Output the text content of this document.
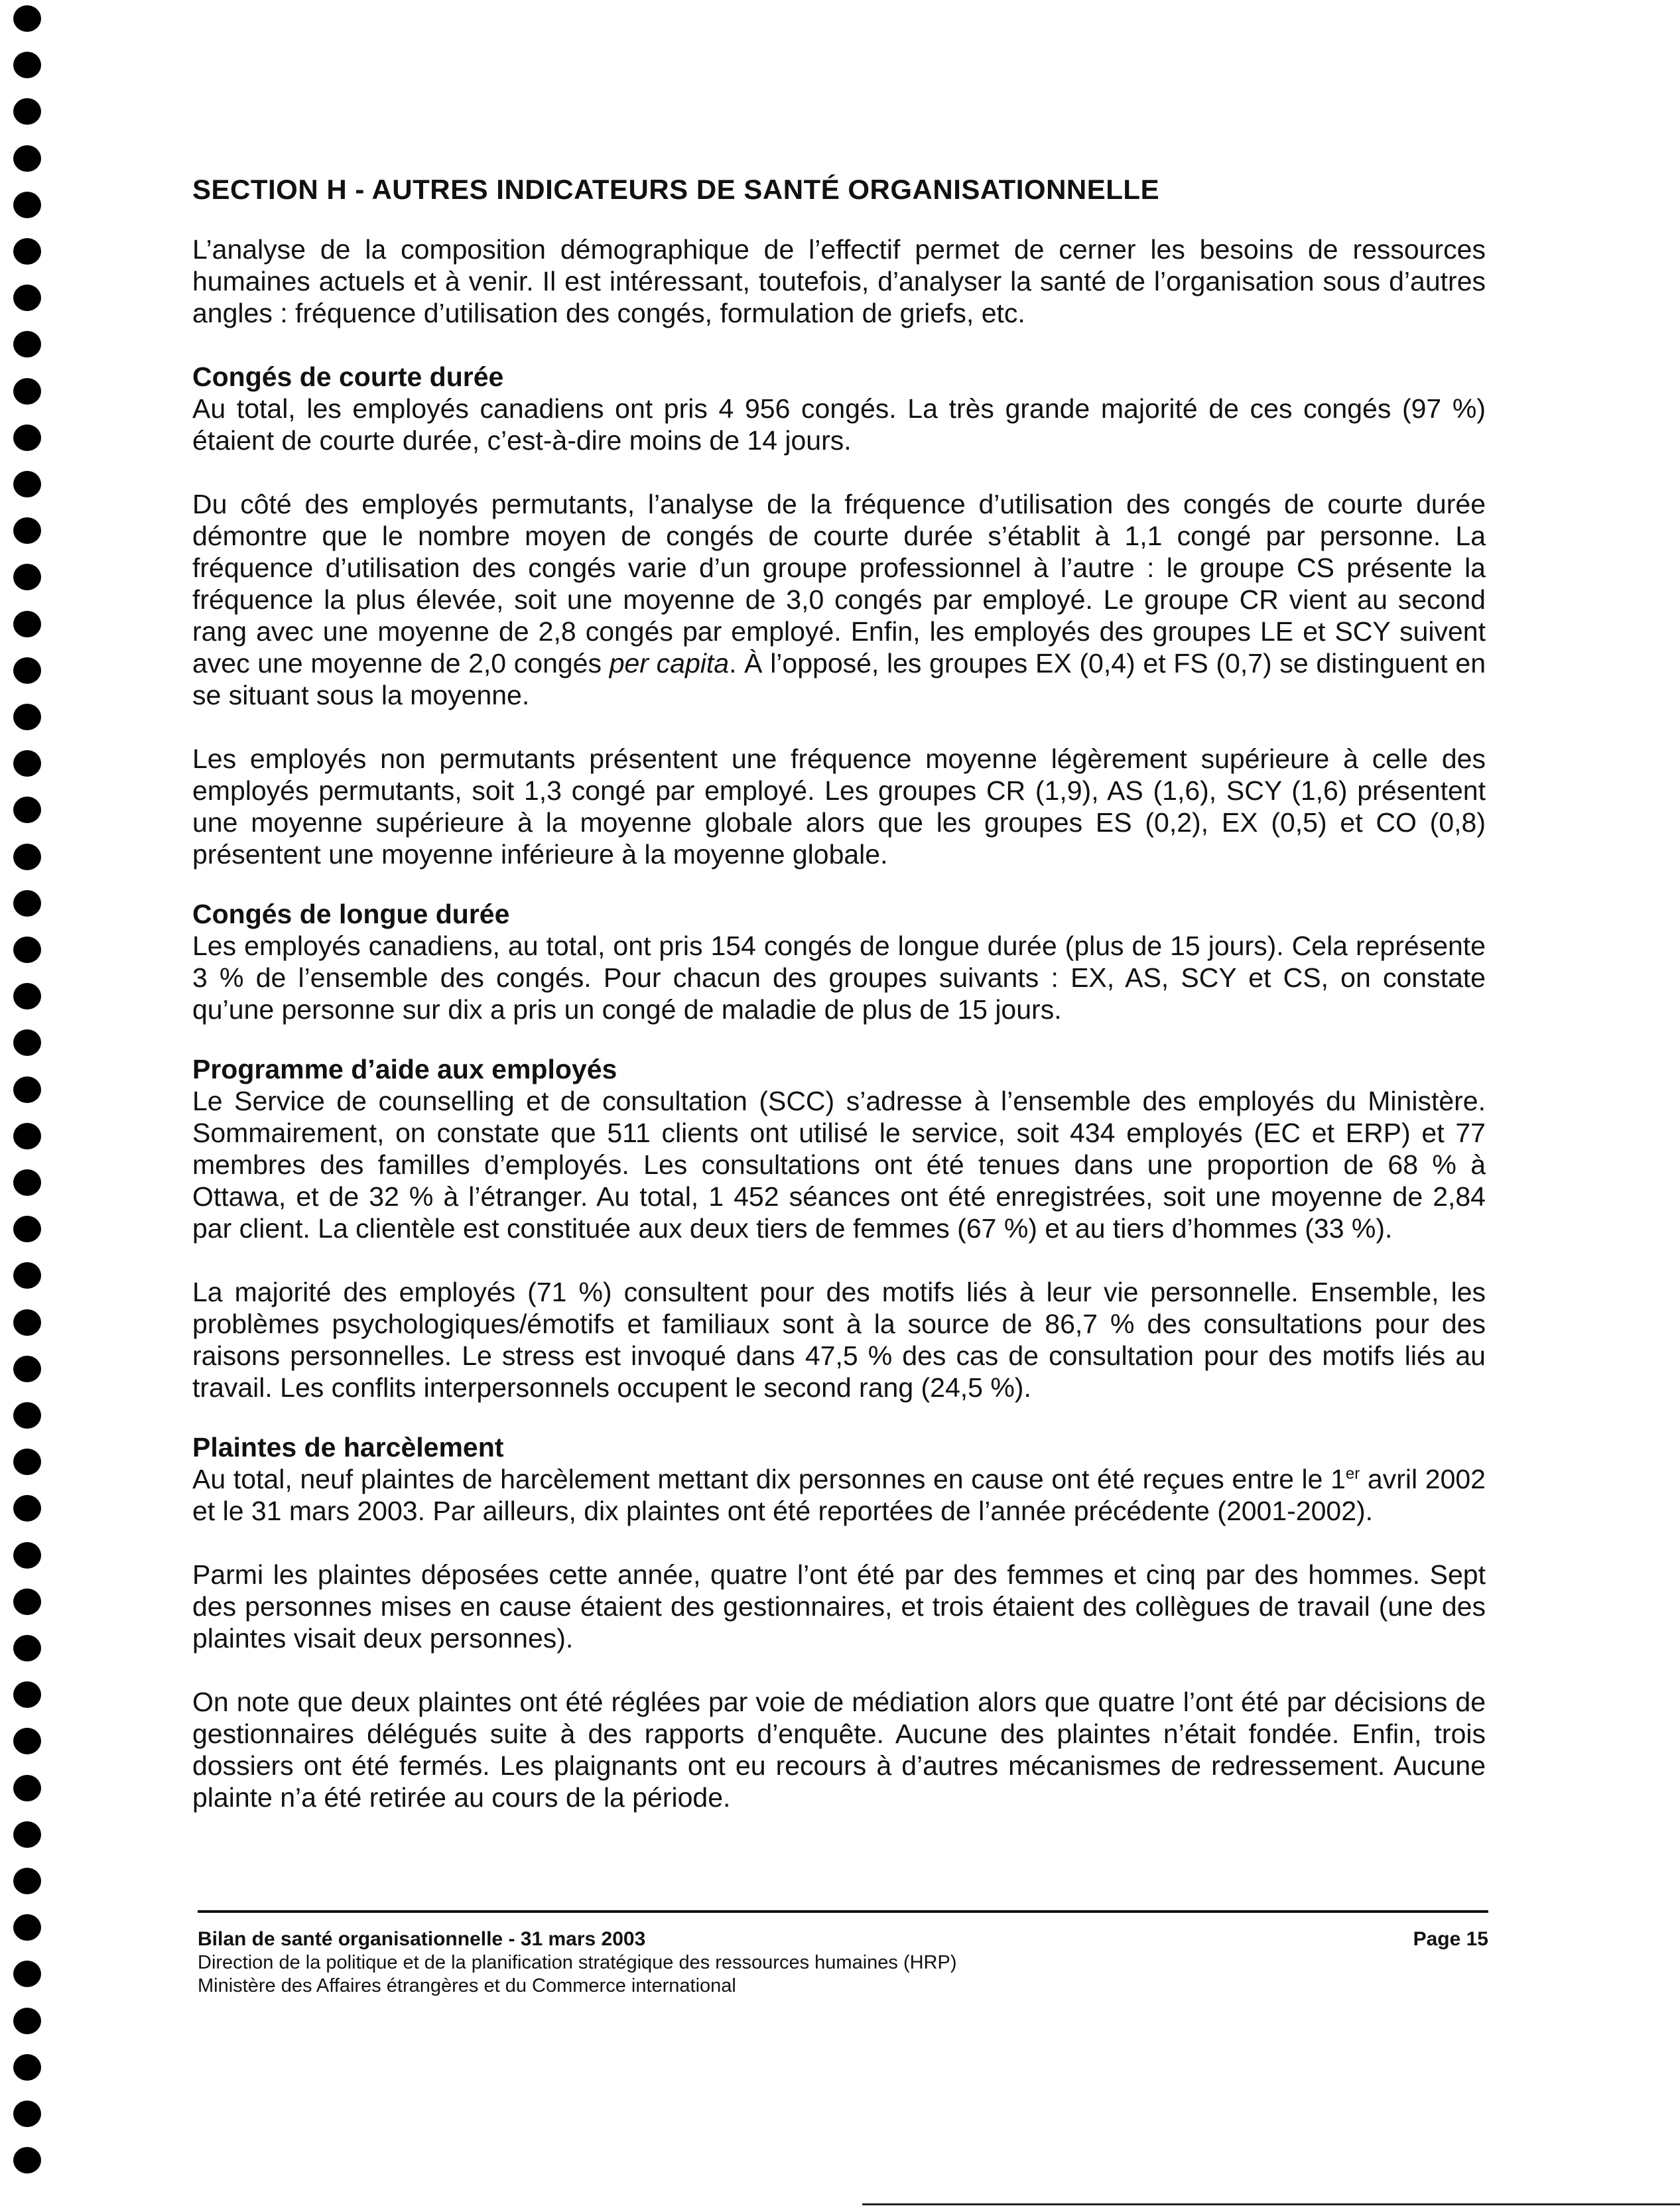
SECTION H - AUTRES INDICATEURS DE SANTÉ ORGANISATIONNELLE

L’analyse de la composition démographique de l’effectif permet de cerner les besoins de ressources humaines actuels et à venir. Il est intéressant, toutefois, d’analyser la santé de l’organisation sous d’autres angles : fréquence d’utilisation des congés, formulation de griefs, etc.

Congés de courte durée

Au total, les employés canadiens ont pris 4 956 congés. La très grande majorité de ces congés (97 %) étaient de courte durée, c’est-à-dire moins de 14 jours.

Du côté des employés permutants, l’analyse de la fréquence d’utilisation des congés de courte durée démontre que le nombre moyen de congés de courte durée s’établit à 1,1 congé par personne. La fréquence d’utilisation des congés varie d’un groupe professionnel à l’autre : le groupe CS présente la fréquence la plus élevée, soit une moyenne de 3,0 congés par employé. Le groupe CR vient au second rang avec une moyenne de 2,8 congés par employé. Enfin, les employés des groupes LE et SCY suivent avec une moyenne de 2,0 congés per capita. À l’opposé, les groupes EX (0,4) et FS (0,7) se distinguent en se situant sous la moyenne.

Les employés non permutants présentent une fréquence moyenne légèrement supérieure à celle des employés permutants, soit 1,3 congé par employé. Les groupes CR (1,9), AS (1,6), SCY (1,6) présentent une moyenne supérieure à la moyenne globale alors que les groupes ES (0,2), EX (0,5) et CO (0,8) présentent une moyenne inférieure à la moyenne globale.

Congés de longue durée

Les employés canadiens, au total, ont pris 154 congés de longue durée (plus de 15 jours). Cela représente 3 % de l’ensemble des congés. Pour chacun des groupes suivants : EX, AS, SCY et CS, on constate qu’une personne sur dix a pris un congé de maladie de plus de 15 jours.

Programme d’aide aux employés

Le Service de counselling et de consultation (SCC) s’adresse à l’ensemble des employés du Ministère. Sommairement, on constate que 511 clients ont utilisé le service, soit 434 employés (EC et ERP) et 77 membres des familles d’employés. Les consultations ont été tenues dans une proportion de 68 % à Ottawa, et de 32 % à l’étranger. Au total, 1 452 séances ont été enregistrées, soit une moyenne de 2,84 par client. La clientèle est constituée aux deux tiers de femmes (67 %) et au tiers d’hommes (33 %).

La majorité des employés (71 %) consultent pour des motifs liés à leur vie personnelle. Ensemble, les problèmes psychologiques/émotifs et familiaux sont à la source de 86,7 % des consultations pour des raisons personnelles. Le stress est invoqué dans 47,5 % des cas de consultation pour des motifs liés au travail. Les conflits interpersonnels occupent le second rang (24,5 %).

Plaintes de harcèlement

Au total, neuf plaintes de harcèlement mettant dix personnes en cause ont été reçues entre le 1er avril 2002 et le 31 mars 2003. Par ailleurs, dix plaintes ont été reportées de l’année précédente (2001-2002).

Parmi les plaintes déposées cette année, quatre l’ont été par des femmes et cinq par des hommes. Sept des personnes mises en cause étaient des gestionnaires, et trois étaient des collègues de travail (une des plaintes visait deux personnes).

On note que deux plaintes ont été réglées par voie de médiation alors que quatre l’ont été par décisions de gestionnaires délégués suite à des rapports d’enquête. Aucune des plaintes n’était fondée. Enfin, trois dossiers ont été fermés. Les plaignants ont eu recours à d’autres mécanismes de redressement. Aucune plainte n’a été retirée au cours de la période.

Bilan de santé organisationnelle - 31 mars 2003	Page 15
Direction de la politique et de la planification stratégique des ressources humaines (HRP)
Ministère des Affaires étrangères et du Commerce international
